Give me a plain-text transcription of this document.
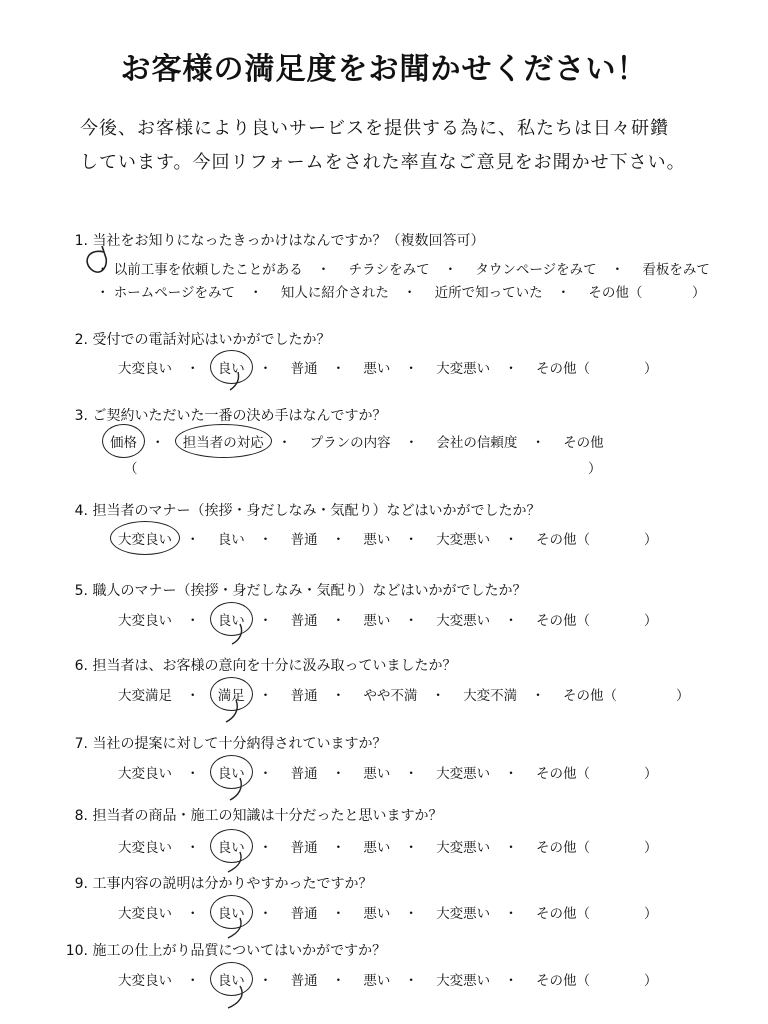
お客様の満足度をお聞かせください！
今後、お客様により良いサービスを提供する為に、私たちは日々研鑽
しています。今回リフォームをされた率直なご意見をお聞かせ下さい。
1. 当社をお知りになったきっかけはなんですか？（複数回答可）
・ 以前工事を依頼したことがある ・ チラシをみて ・ タウンページをみて ・ 看板をみて
・ ホームページをみて ・ 知人に紹介された ・ 近所で知っていた ・ その他（	）
2. 受付での電話対応はいかがでしたか？
大変良い ・ 良い ・ 普通 ・ 悪い ・ 大変悪い ・ その他（	）
3. ご契約いただいた一番の決め手はなんですか？
価格 ・ 担当者の対応 ・ プランの内容 ・ 会社の信頼度 ・ その他
（	）
4. 担当者のマナー（挨拶・身だしなみ・気配り）などはいかがでしたか？
大変良い ・ 良い ・ 普通 ・ 悪い ・ 大変悪い ・ その他（	）
5. 職人のマナー（挨拶・身だしなみ・気配り）などはいかがでしたか？
大変良い ・ 良い ・ 普通 ・ 悪い ・ 大変悪い ・ その他（	）
6. 担当者は、お客様の意向を十分に汲み取っていましたか？
大変満足 ・ 満足 ・ 普通 ・ やや不満 ・ 大変不満 ・ その他（	）
7. 当社の提案に対して十分納得されていますか？
大変良い ・ 良い ・ 普通 ・ 悪い ・ 大変悪い ・ その他（	）
8. 担当者の商品・施工の知識は十分だったと思いますか？
大変良い ・ 良い ・ 普通 ・ 悪い ・ 大変悪い ・ その他（	）
9. 工事内容の説明は分かりやすかったですか？
大変良い ・ 良い ・ 普通 ・ 悪い ・ 大変悪い ・ その他（	）
10. 施工の仕上がり品質についてはいかがですか？
大変良い ・ 良い ・ 普通 ・ 悪い ・ 大変悪い ・ その他（	）
